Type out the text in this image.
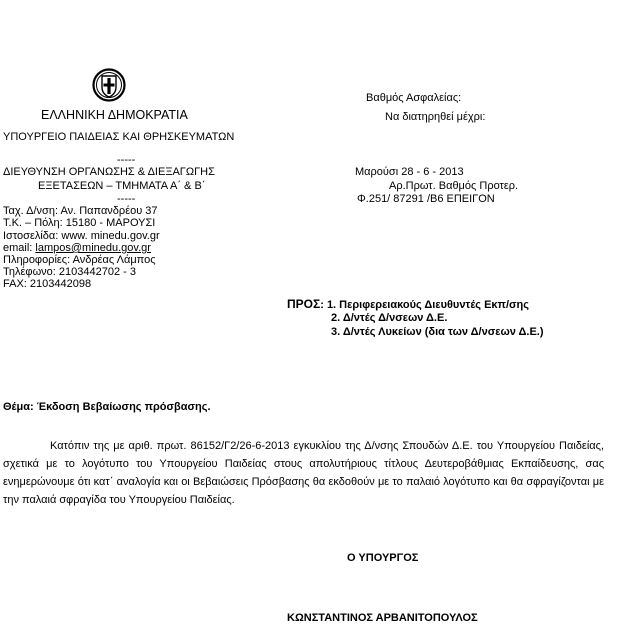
Βαθμός Ασφαλείας:
ΕΛΛΗΝΙΚΗ ΔΗΜΟΚΡΑΤΙΑ	Να διατηρηθεί μέχρι:
ΥΠΟΥΡΓΕΙΟ ΠΑΙΔΕΙΑΣ ΚΑΙ ΘΡΗΣΚΕΥΜΑΤΩΝ
-----
ΔΙΕΥΘΥΝΣΗ ΟΡΓΑΝΩΣΗΣ & ΔΙΕΞΑΓΩΓΗΣ
ΕΞΕΤΑΣΕΩΝ – ΤΜΗΜΑΤΑ Α΄ & Β΄
-----
Ταχ. Δ/νση: Αν. Παπανδρέου 37
Τ.Κ. – Πόλη: 15180 - ΜΑΡΟΥΣΙ
Ιστοσελίδα: www. minedu.gov.gr
email: lampos@minedu.gov.gr
Πληροφορίες: Ανδρέας Λάμπος
Τηλέφωνο: 2103442702 - 3
FAX: 2103442098
Μαρούσι 28 - 6 - 2013
Αρ.Πρωτ. Βαθμός Προτερ.
Φ.251/ 87291 /Β6 ΕΠΕΙΓΟΝ
ΠΡΟΣ: 1. Περιφερειακούς Διευθυντές Εκπ/σης
2. Δ/ντές Δ/νσεων Δ.Ε.
3. Δ/ντές Λυκείων (δια των Δ/νσεων Δ.Ε.)
Θέμα: Έκδοση Βεβαίωσης πρόσβασης.
Κατόπιν της με αριθ. πρωτ. 86152/Γ2/26-6-2013 εγκυκλίου της Δ/νσης Σπουδών Δ.Ε. του Υπουργείου Παιδείας, σχετικά με το λογότυπο του Υπουργείου Παιδείας στους απολυτήριους τίτλους Δευτεροβάθμιας Εκπαίδευσης, σας ενημερώνουμε ότι κατ΄ αναλογία και οι Βεβαιώσεις Πρόσβασης θα εκδοθούν με το παλαιό λογότυπο και θα σφραγίζονται με την παλαιά σφραγίδα του Υπουργείου Παιδείας.
Ο ΥΠΟΥΡΓΟΣ
ΚΩΝΣΤΑΝΤΙΝΟΣ ΑΡΒΑΝΙΤΟΠΟΥΛΟΣ
